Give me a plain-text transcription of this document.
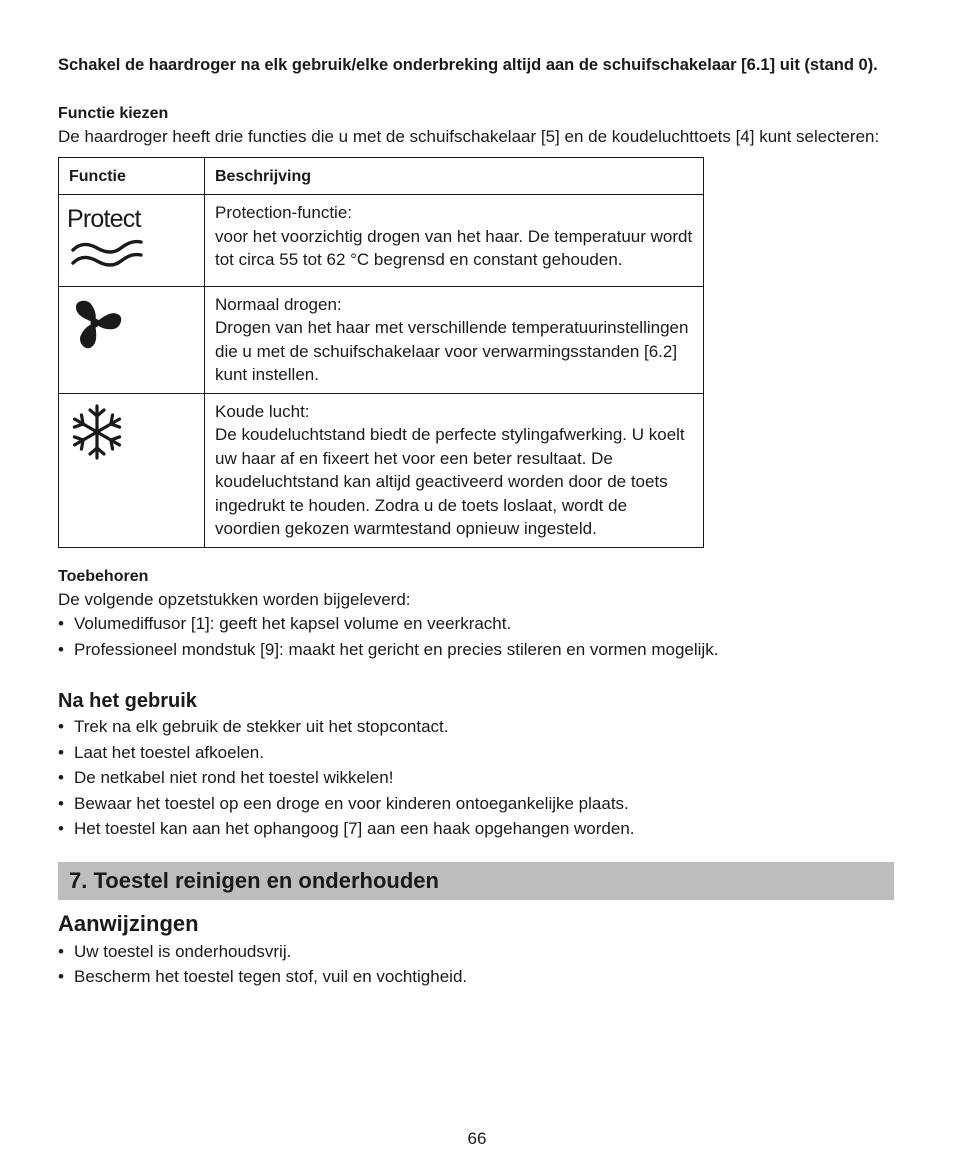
Schakel de haardroger na elk gebruik/elke onderbreking altijd aan de schuifschakelaar [6.1] uit (stand 0).

Functie kiezen

De haardroger heeft drie functies die u met de schuifschakelaar [5] en de koudeluchttoets [4] kunt selecteren:

Functie	Beschrijving

Protect	Protection-functie:
voor het voorzichtig drogen van het haar. De temperatuur wordt tot circa 55 tot 62 °C begrensd en constant gehouden.

Normaal drogen:
Drogen van het haar met verschillende temperatuurinstellingen die u met de schuifschakelaar voor verwarmingsstanden [6.2] kunt instellen.

Koude lucht:
De koudeluchtstand biedt de perfecte stylingafwerking. U koelt uw haar af en fixeert het voor een beter resultaat. De koudeluchtstand kan altijd geactiveerd worden door de toets ingedrukt te houden. Zodra u de toets loslaat, wordt de voordien gekozen warmtestand opnieuw ingesteld.

Toebehoren

De volgende opzetstukken worden bijgeleverd:

• Volumediffusor [1]: geeft het kapsel volume en veerkracht.
• Professioneel mondstuk [9]: maakt het gericht en precies stileren en vormen mogelijk.

Na het gebruik

• Trek na elk gebruik de stekker uit het stopcontact.
• Laat het toestel afkoelen.
• De netkabel niet rond het toestel wikkelen!
• Bewaar het toestel op een droge en voor kinderen ontoegankelijke plaats.
• Het toestel kan aan het ophangoog [7] aan een haak opgehangen worden.
7. Toestel reinigen en onderhouden

Aanwijzingen

• Uw toestel is onderhoudsvrij.
• Bescherm het toestel tegen stof, vuil en vochtigheid.
66
